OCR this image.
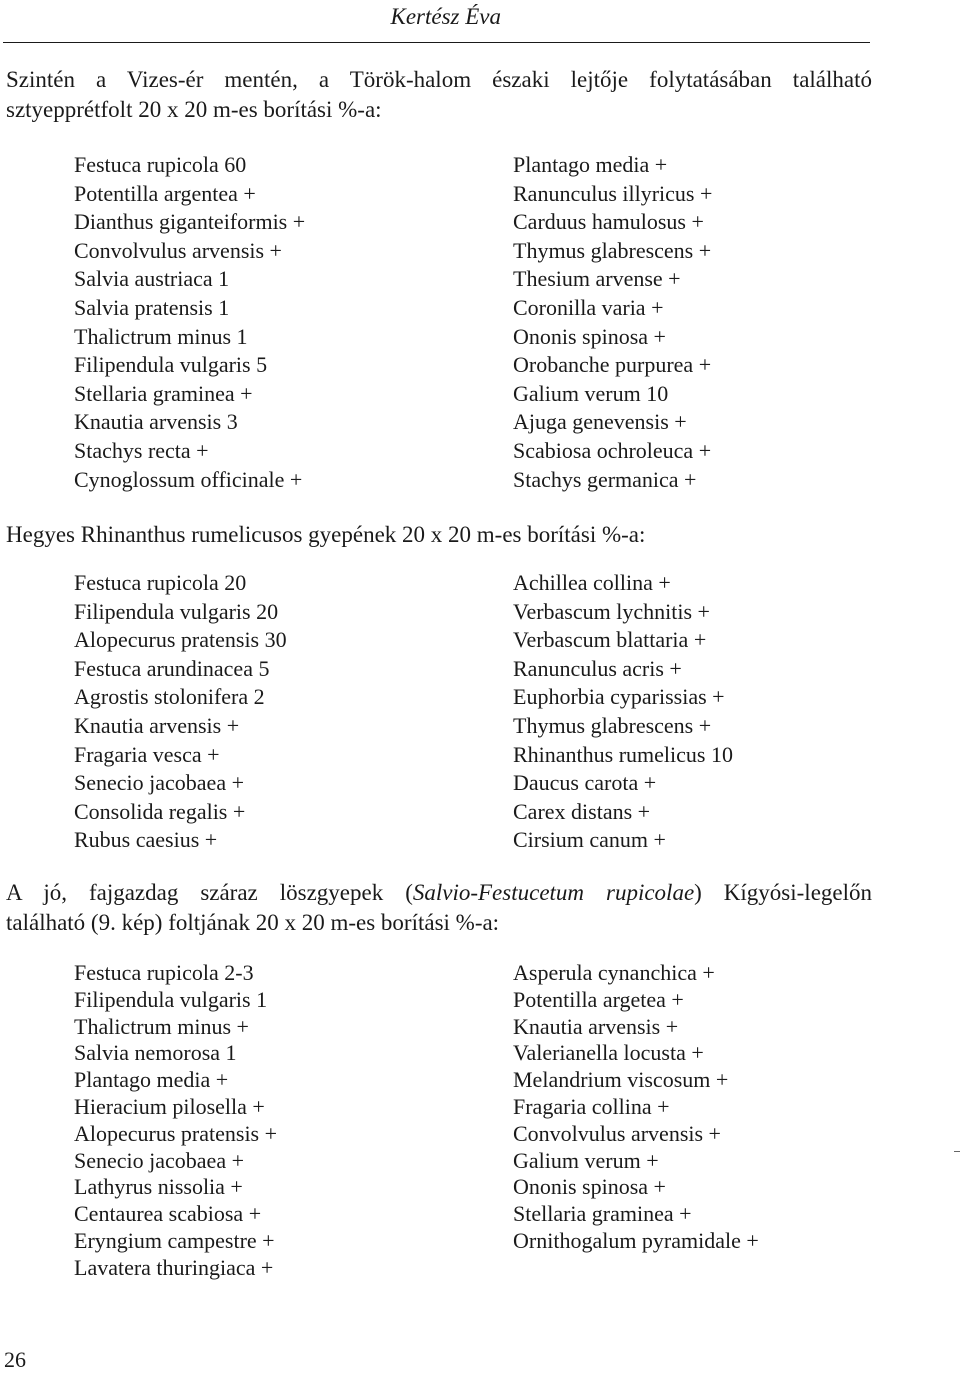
Kertész Éva

Szintén a Vizes-ér mentén, a Török-halom északi lejtője folytatásában található
sztyepprétfolt 20 x 20 m-es borítási %-a:

Festuca rupicola 60
Potentilla argentea +
Dianthus giganteiformis +
Convolvulus arvensis +
Salvia austriaca 1
Salvia pratensis 1
Thalictrum minus 1
Filipendula vulgaris 5
Stellaria graminea +
Knautia arvensis 3
Stachys recta +
Cynoglossum officinale +
Plantago media +
Ranunculus illyricus +
Carduus hamulosus +
Thymus glabrescens +
Thesium arvense +
Coronilla varia +
Ononis spinosa +
Orobanche purpurea +
Galium verum 10
Ajuga genevensis +
Scabiosa ochroleuca +
Stachys germanica +

Hegyes Rhinanthus rumelicusos gyepének 20 x 20 m-es borítási %-a:

Festuca rupicola 20
Filipendula vulgaris 20
Alopecurus pratensis 30
Festuca arundinacea 5
Agrostis stolonifera 2
Knautia arvensis +
Fragaria vesca +
Senecio jacobaea +
Consolida regalis +
Rubus caesius +
Achillea collina +
Verbascum lychnitis +
Verbascum blattaria +
Ranunculus acris +
Euphorbia cyparissias +
Thymus glabrescens +
Rhinanthus rumelicus 10
Daucus carota +
Carex distans +
Cirsium canum +

A jó, fajgazdag száraz löszgyepek (Salvio-Festucetum rupicolae) Kígyósi-legelőn
található (9. kép) foltjának 20 x 20 m-es borítási %-a:

Festuca rupicola 2-3
Filipendula vulgaris 1
Thalictrum minus +
Salvia nemorosa 1
Plantago media +
Hieracium pilosella +
Alopecurus pratensis +
Senecio jacobaea +
Lathyrus nissolia +
Centaurea scabiosa +
Eryngium campestre +
Lavatera thuringiaca +
Asperula cynanchica +
Potentilla argetea +
Knautia arvensis +
Valerianella locusta +
Melandrium viscosum +
Fragaria collina +
Convolvulus arvensis +
Galium verum +
Ononis spinosa +
Stellaria graminea +
Ornithogalum pyramidale +
26
